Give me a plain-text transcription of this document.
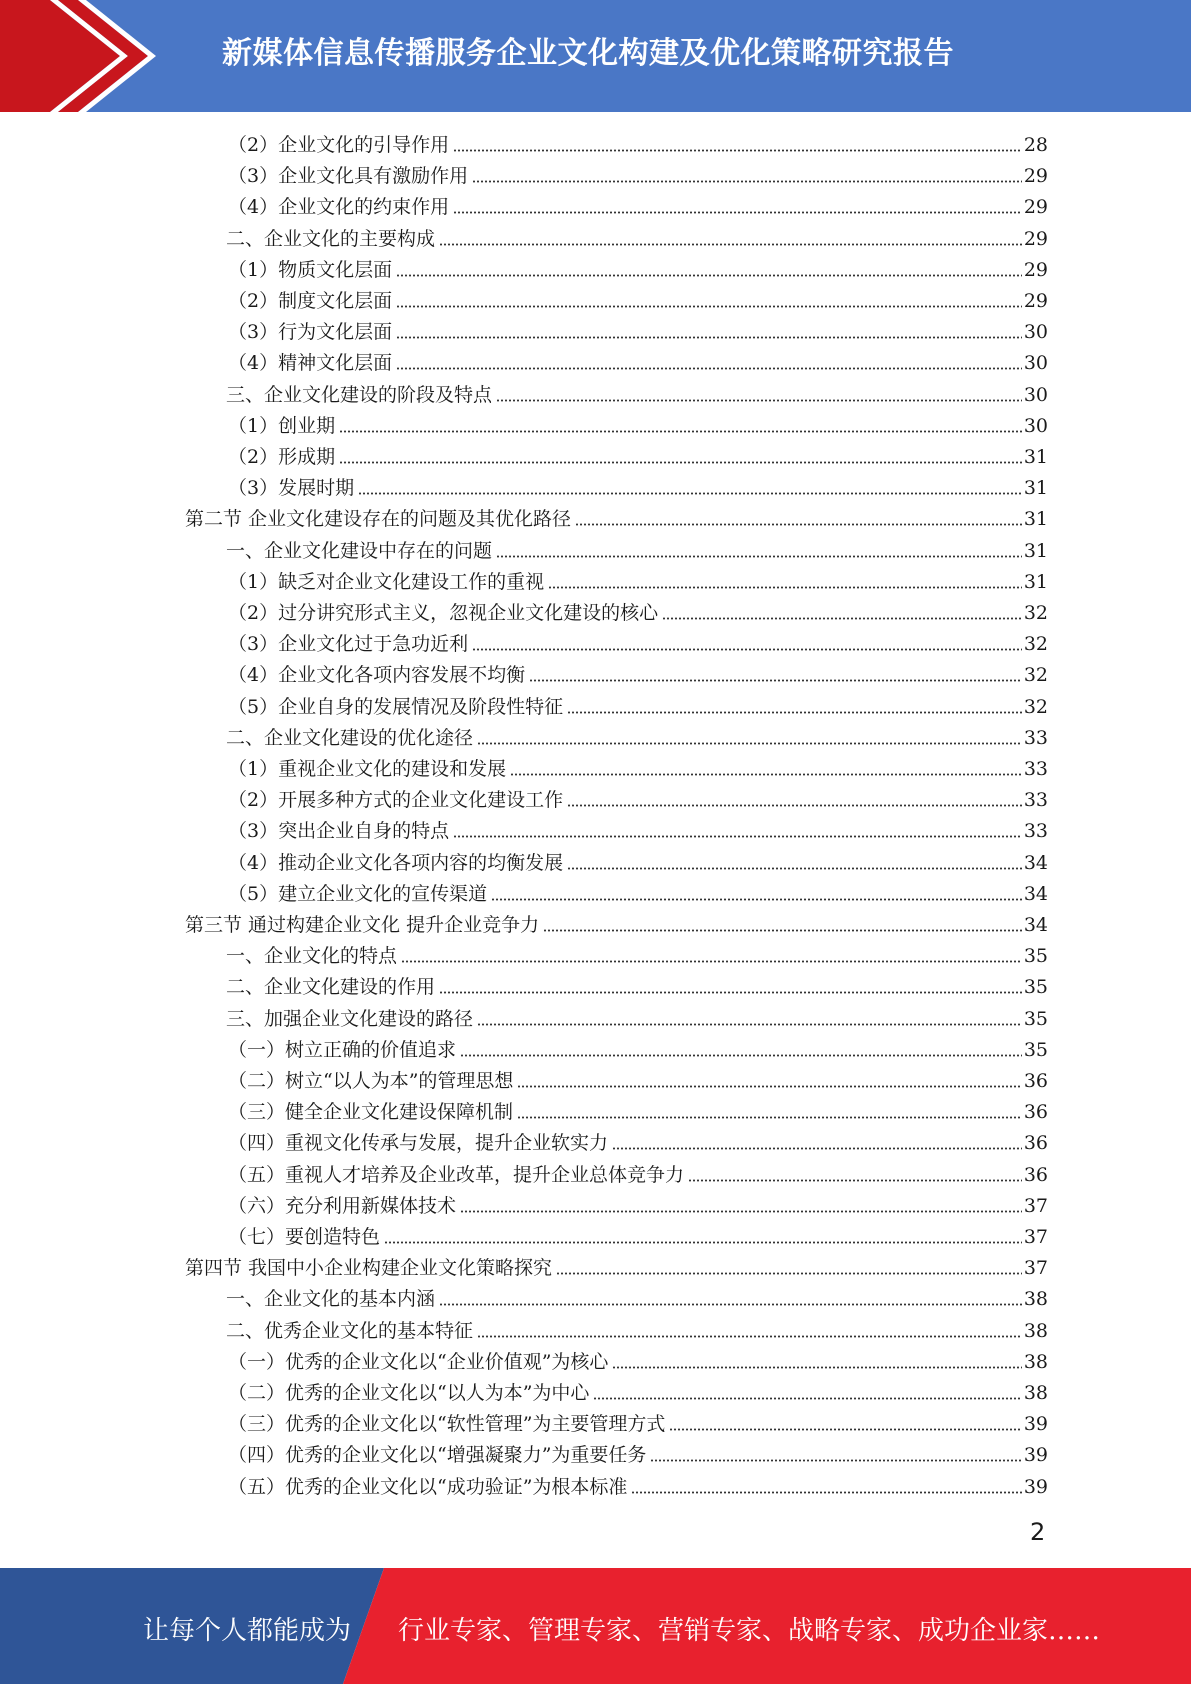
新媒体信息传播服务企业文化构建及优化策略研究报告
（2）企业文化的引导作用	28
（3）企业文化具有激励作用	29
（4）企业文化的约束作用	29
二、企业文化的主要构成	29
（1）物质文化层面	29
（2）制度文化层面	29
（3）行为文化层面	30
（4）精神文化层面	30
三、企业文化建设的阶段及特点	30
（1）创业期	30
（2）形成期	31
（3）发展时期	31
第二节 企业文化建设存在的问题及其优化路径	31
一、企业文化建设中存在的问题	31
（1）缺乏对企业文化建设工作的重视	31
（2）过分讲究形式主义，忽视企业文化建设的核心	32
（3）企业文化过于急功近利	32
（4）企业文化各项内容发展不均衡	32
（5）企业自身的发展情况及阶段性特征	32
二、企业文化建设的优化途径	33
（1）重视企业文化的建设和发展	33
（2）开展多种方式的企业文化建设工作	33
（3）突出企业自身的特点	33
（4）推动企业文化各项内容的均衡发展	34
（5）建立企业文化的宣传渠道	34
第三节 通过构建企业文化 提升企业竞争力	34
一、企业文化的特点	35
二、企业文化建设的作用	35
三、加强企业文化建设的路径	35
（一）树立正确的价值追求	35
（二）树立“以人为本”的管理思想	36
（三）健全企业文化建设保障机制	36
（四）重视文化传承与发展，提升企业软实力	36
（五）重视人才培养及企业改革，提升企业总体竞争力	36
（六）充分利用新媒体技术	37
（七）要创造特色	37
第四节 我国中小企业构建企业文化策略探究	37
一、企业文化的基本内涵	38
二、优秀企业文化的基本特征	38
（一）优秀的企业文化以“企业价值观”为核心	38
（二）优秀的企业文化以“以人为本”为中心	38
（三）优秀的企业文化以“软性管理”为主要管理方式	39
（四）优秀的企业文化以“增强凝聚力”为重要任务	39
（五）优秀的企业文化以“成功验证”为根本标准	39
2
让每个人都能成为 行业专家、管理专家、营销专家、战略专家、成功企业家……
